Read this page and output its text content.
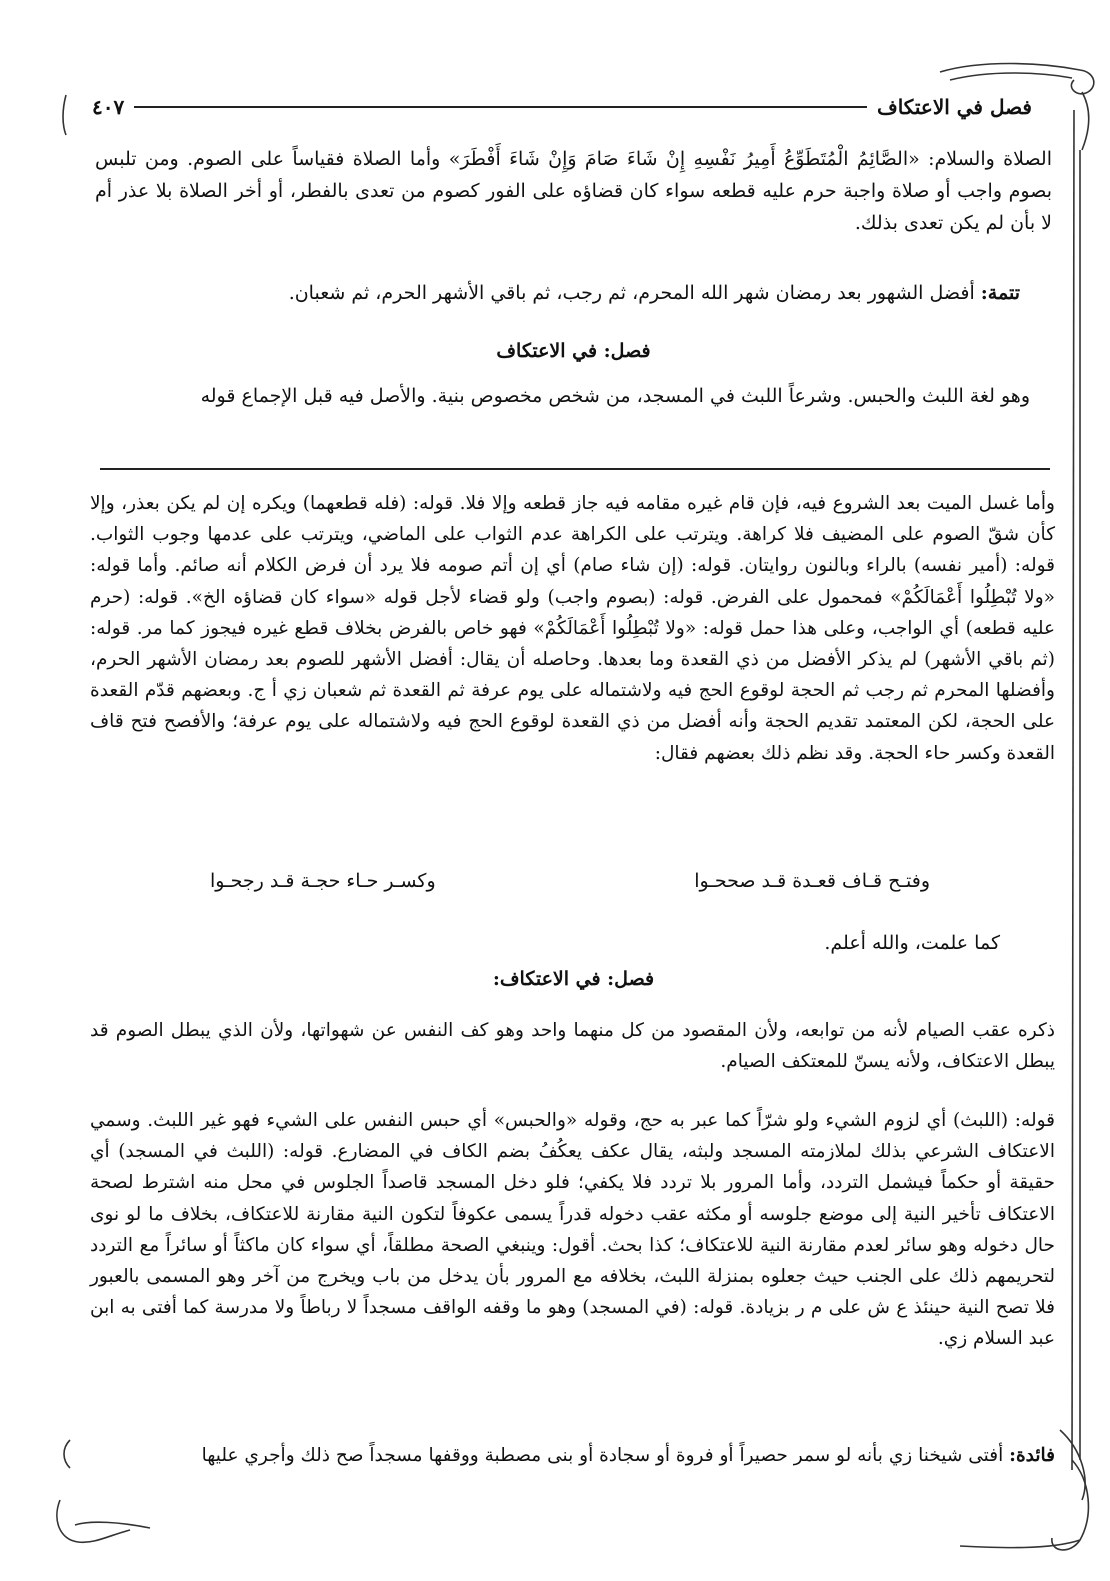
فصل في الاعتكاف
٤٠٧

الصلاة والسلام: «الصَّائِمُ الْمُتَطَوِّعُ أَمِيرُ نَفْسِهِ إِنْ شَاءَ صَامَ وَإِنْ شَاءَ أَفْطَرَ» وأما الصلاة فقياساً على الصوم. ومن تلبس بصوم واجب أو صلاة واجبة حرم عليه قطعه سواء كان قضاؤه على الفور كصوم من تعدى بالفطر، أو أخر الصلاة بلا عذر أم لا بأن لم يكن تعدى بذلك.

تتمة: أفضل الشهور بعد رمضان شهر الله المحرم، ثم رجب، ثم باقي الأشهر الحرم، ثم شعبان.

فصل: في الاعتكاف

وهو لغة اللبث والحبس. وشرعاً اللبث في المسجد، من شخص مخصوص بنية. والأصل فيه قبل الإجماع قوله

وأما غسل الميت بعد الشروع فيه، فإن قام غيره مقامه فيه جاز قطعه وإلا فلا. قوله: (فله قطعهما) ويكره إن لم يكن بعذر، وإلا كأن شقّ الصوم على المضيف فلا كراهة. ويترتب على الكراهة عدم الثواب على الماضي، ويترتب على عدمها وجوب الثواب. قوله: (أمير نفسه) بالراء وبالنون روايتان. قوله: (إن شاء صام) أي إن أتم صومه فلا يرد أن فرض الكلام أنه صائم. وأما قوله: «ولا تُبْطِلُوا أَعْمَالَكُمْ» فمحمول على الفرض. قوله: (بصوم واجب) ولو قضاء لأجل قوله «سواء كان قضاؤه الخ». قوله: (حرم عليه قطعه) أي الواجب، وعلى هذا حمل قوله: «ولا تُبْطِلُوا أَعْمَالَكُمْ» فهو خاص بالفرض بخلاف قطع غيره فيجوز كما مر. قوله: (ثم باقي الأشهر) لم يذكر الأفضل من ذي القعدة وما بعدها. وحاصله أن يقال: أفضل الأشهر للصوم بعد رمضان الأشهر الحرم، وأفضلها المحرم ثم رجب ثم الحجة لوقوع الحج فيه ولاشتماله على يوم عرفة ثم القعدة ثم شعبان زي أ ج. وبعضهم قدّم القعدة على الحجة، لكن المعتمد تقديم الحجة وأنه أفضل من ذي القعدة لوقوع الحج فيه ولاشتماله على يوم عرفة؛ والأفصح فتح قاف القعدة وكسر حاء الحجة. وقد نظم ذلك بعضهم فقال:

وفتـح قـاف قعـدة قـد صححـوا
وكسـر حـاء حجـة قـد رجحـوا
كما علمت، والله أعلم.
فصل: في الاعتكاف:

ذكره عقب الصيام لأنه من توابعه، ولأن المقصود من كل منهما واحد وهو كف النفس عن شهواتها، ولأن الذي يبطل الصوم قد يبطل الاعتكاف، ولأنه يسنّ للمعتكف الصيام.

قوله: (اللبث) أي لزوم الشيء ولو شرّاً كما عبر به حج، وقوله «والحبس» أي حبس النفس على الشيء فهو غير اللبث. وسمي الاعتكاف الشرعي بذلك لملازمته المسجد ولبثه، يقال عكف يعكُفُ بضم الكاف في المضارع. قوله: (اللبث في المسجد) أي حقيقة أو حكماً فيشمل التردد، وأما المرور بلا تردد فلا يكفي؛ فلو دخل المسجد قاصداً الجلوس في محل منه اشترط لصحة الاعتكاف تأخير النية إلى موضع جلوسه أو مكثه عقب دخوله قدراً يسمى عكوفاً لتكون النية مقارنة للاعتكاف، بخلاف ما لو نوى حال دخوله وهو سائر لعدم مقارنة النية للاعتكاف؛ كذا بحث. أقول: وينبغي الصحة مطلقاً، أي سواء كان ماكثاً أو سائراً مع التردد لتحريمهم ذلك على الجنب حيث جعلوه بمنزلة اللبث، بخلافه مع المرور بأن يدخل من باب ويخرج من آخر وهو المسمى بالعبور فلا تصح النية حينئذ ع ش على م ر بزيادة. قوله: (في المسجد) وهو ما وقفه الواقف مسجداً لا رباطاً ولا مدرسة كما أفتى به ابن عبد السلام زي.

فائدة: أفتى شيخنا زي بأنه لو سمر حصيراً أو فروة أو سجادة أو بنى مصطبة ووقفها مسجداً صح ذلك وأجري عليها
